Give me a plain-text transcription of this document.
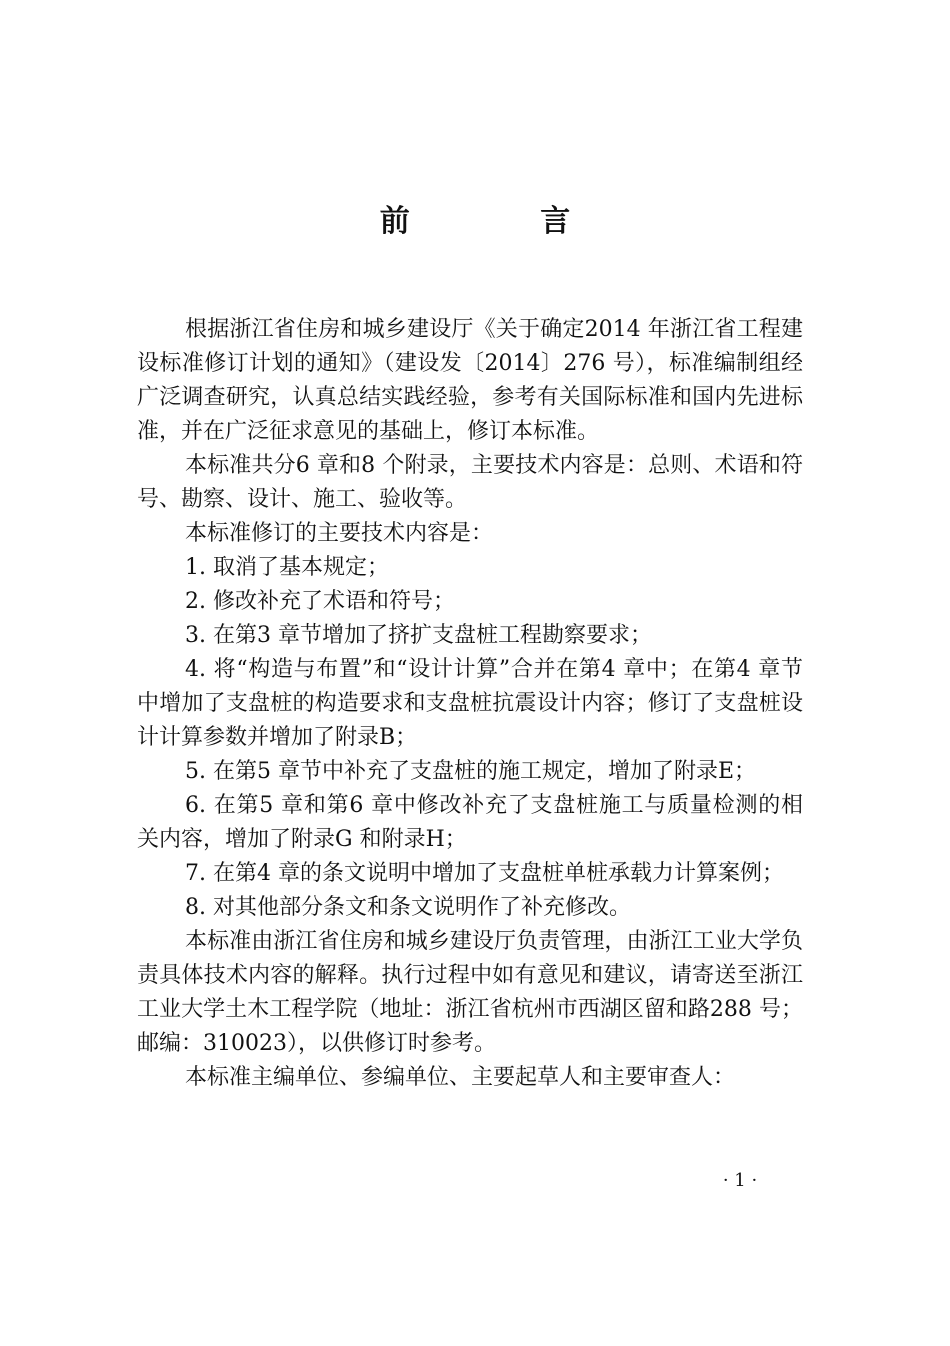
前 言

根据浙江省住房和城乡建设厅《关于确定2014 年浙江省工程建设标准修订计划的通知》（建设发〔2014〕276 号），标准编制组经广泛调查研究，认真总结实践经验，参考有关国际标准和国内先进标准，并在广泛征求意见的基础上，修订本标准。

本标准共分6 章和8 个附录，主要技术内容是：总则、术语和符号、勘察、设计、施工、验收等。

本标准修订的主要技术内容是：

1. 取消了基本规定；

2. 修改补充了术语和符号；

3. 在第3 章节增加了挤扩支盘桩工程勘察要求；

4. 将“构造与布置”和“设计计算”合并在第4 章中；在第4 章节中增加了支盘桩的构造要求和支盘桩抗震设计内容；修订了支盘桩设计计算参数并增加了附录B；

5. 在第5 章节中补充了支盘桩的施工规定，增加了附录E；

6. 在第5 章和第6 章中修改补充了支盘桩施工与质量检测的相关内容，增加了附录G 和附录H；

7. 在第4 章的条文说明中增加了支盘桩单桩承载力计算案例；

8. 对其他部分条文和条文说明作了补充修改。

本标准由浙江省住房和城乡建设厅负责管理，由浙江工业大学负责具体技术内容的解释。执行过程中如有意见和建议，请寄送至浙江工业大学土木工程学院（地址：浙江省杭州市西湖区留和路288 号；邮编：310023），以供修订时参考。

本标准主编单位、参编单位、主要起草人和主要审查人：

· 1 ·
